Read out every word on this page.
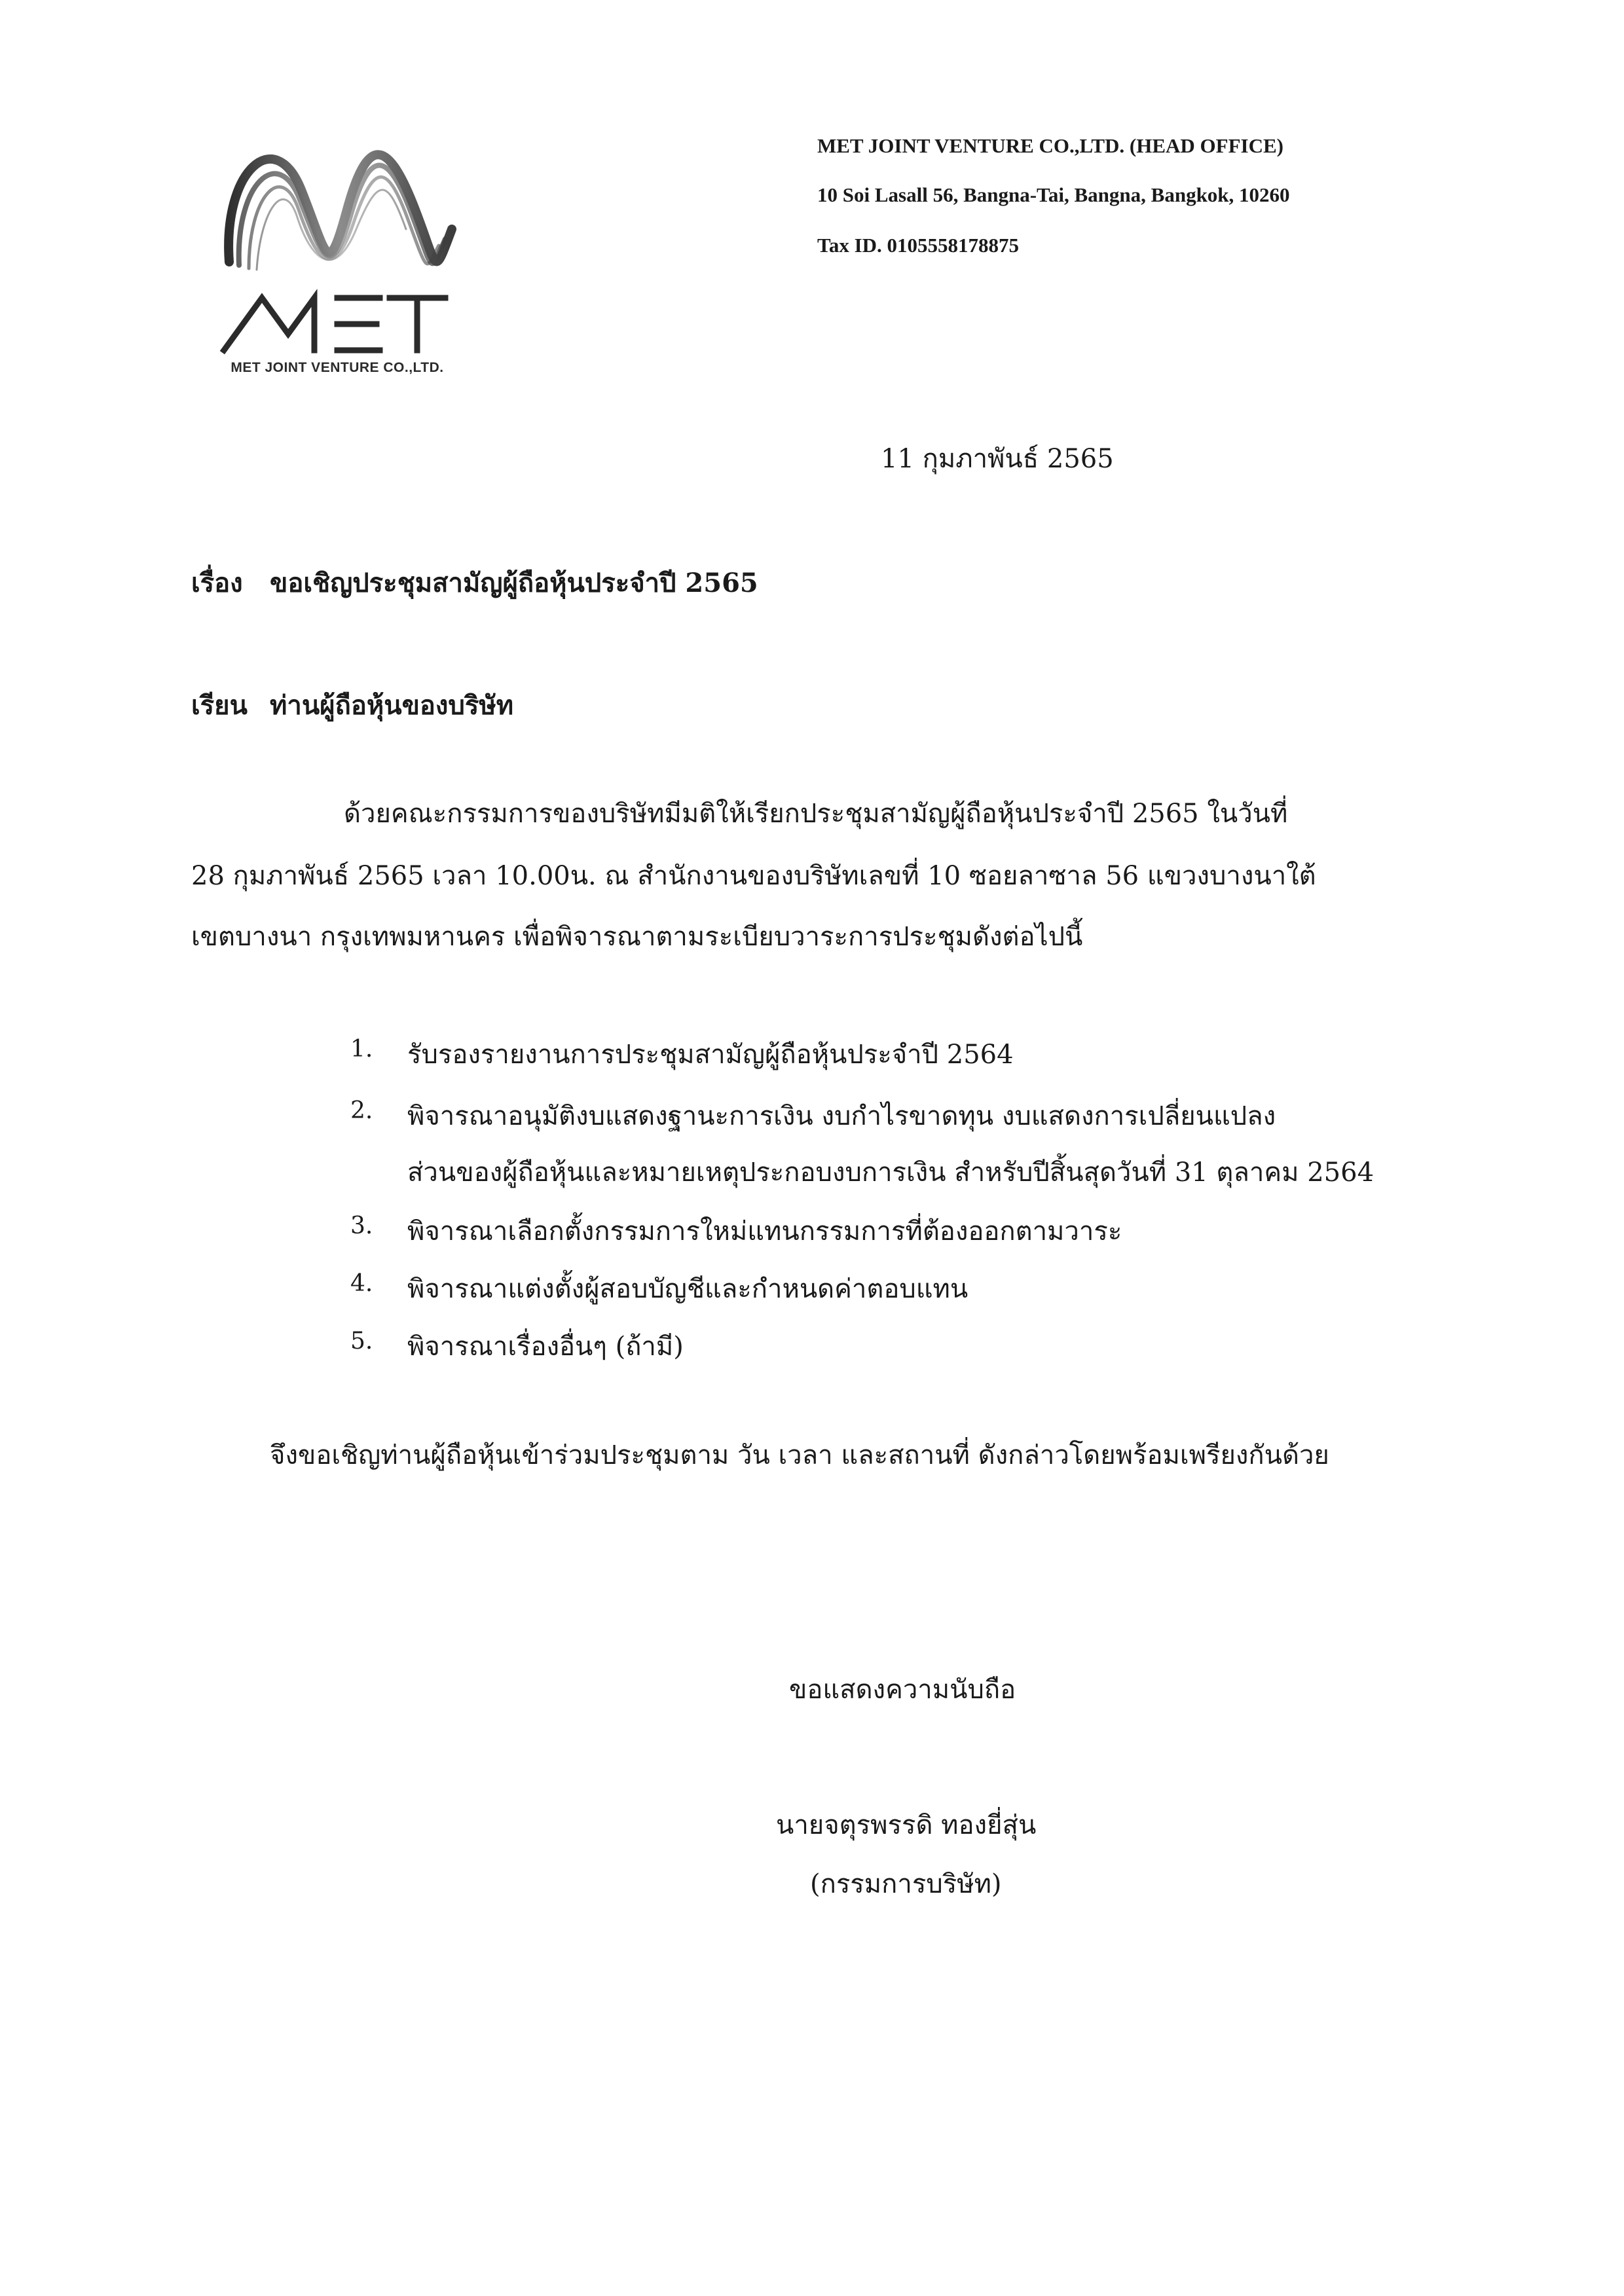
MET JOINT VENTURE CO.,LTD.
MET JOINT VENTURE CO.,LTD. (HEAD OFFICE)
10 Soi Lasall 56, Bangna-Tai, Bangna, Bangkok, 10260
Tax ID. 0105558178875
11 กุมภาพันธ์ 2565
เรื่อง ขอเชิญประชุมสามัญผู้ถือหุ้นประจำปี 2565
เรียน ท่านผู้ถือหุ้นของบริษัท
ด้วยคณะกรรมการของบริษัทมีมติให้เรียกประชุมสามัญผู้ถือหุ้นประจำปี 2565 ในวันที่
28 กุมภาพันธ์ 2565 เวลา 10.00น. ณ สำนักงานของบริษัทเลขที่ 10 ซอยลาซาล 56 แขวงบางนาใต้
เขตบางนา กรุงเทพมหานคร เพื่อพิจารณาตามระเบียบวาระการประชุมดังต่อไปนี้
1. รับรองรายงานการประชุมสามัญผู้ถือหุ้นประจำปี 2564
2. พิจารณาอนุมัติงบแสดงฐานะการเงิน งบกำไรขาดทุน งบแสดงการเปลี่ยนแปลง
ส่วนของผู้ถือหุ้นและหมายเหตุประกอบงบการเงิน สำหรับปีสิ้นสุดวันที่ 31 ตุลาคม 2564
3. พิจารณาเลือกตั้งกรรมการใหม่แทนกรรมการที่ต้องออกตามวาระ
4. พิจารณาแต่งตั้งผู้สอบบัญชีและกำหนดค่าตอบแทน
5. พิจารณาเรื่องอื่นๆ (ถ้ามี)
จึงขอเชิญท่านผู้ถือหุ้นเข้าร่วมประชุมตาม วัน เวลา และสถานที่ ดังกล่าวโดยพร้อมเพรียงกันด้วย
ขอแสดงความนับถือ
นายจตุรพรรดิ ทองยี่สุ่น
(กรรมการบริษัท)
